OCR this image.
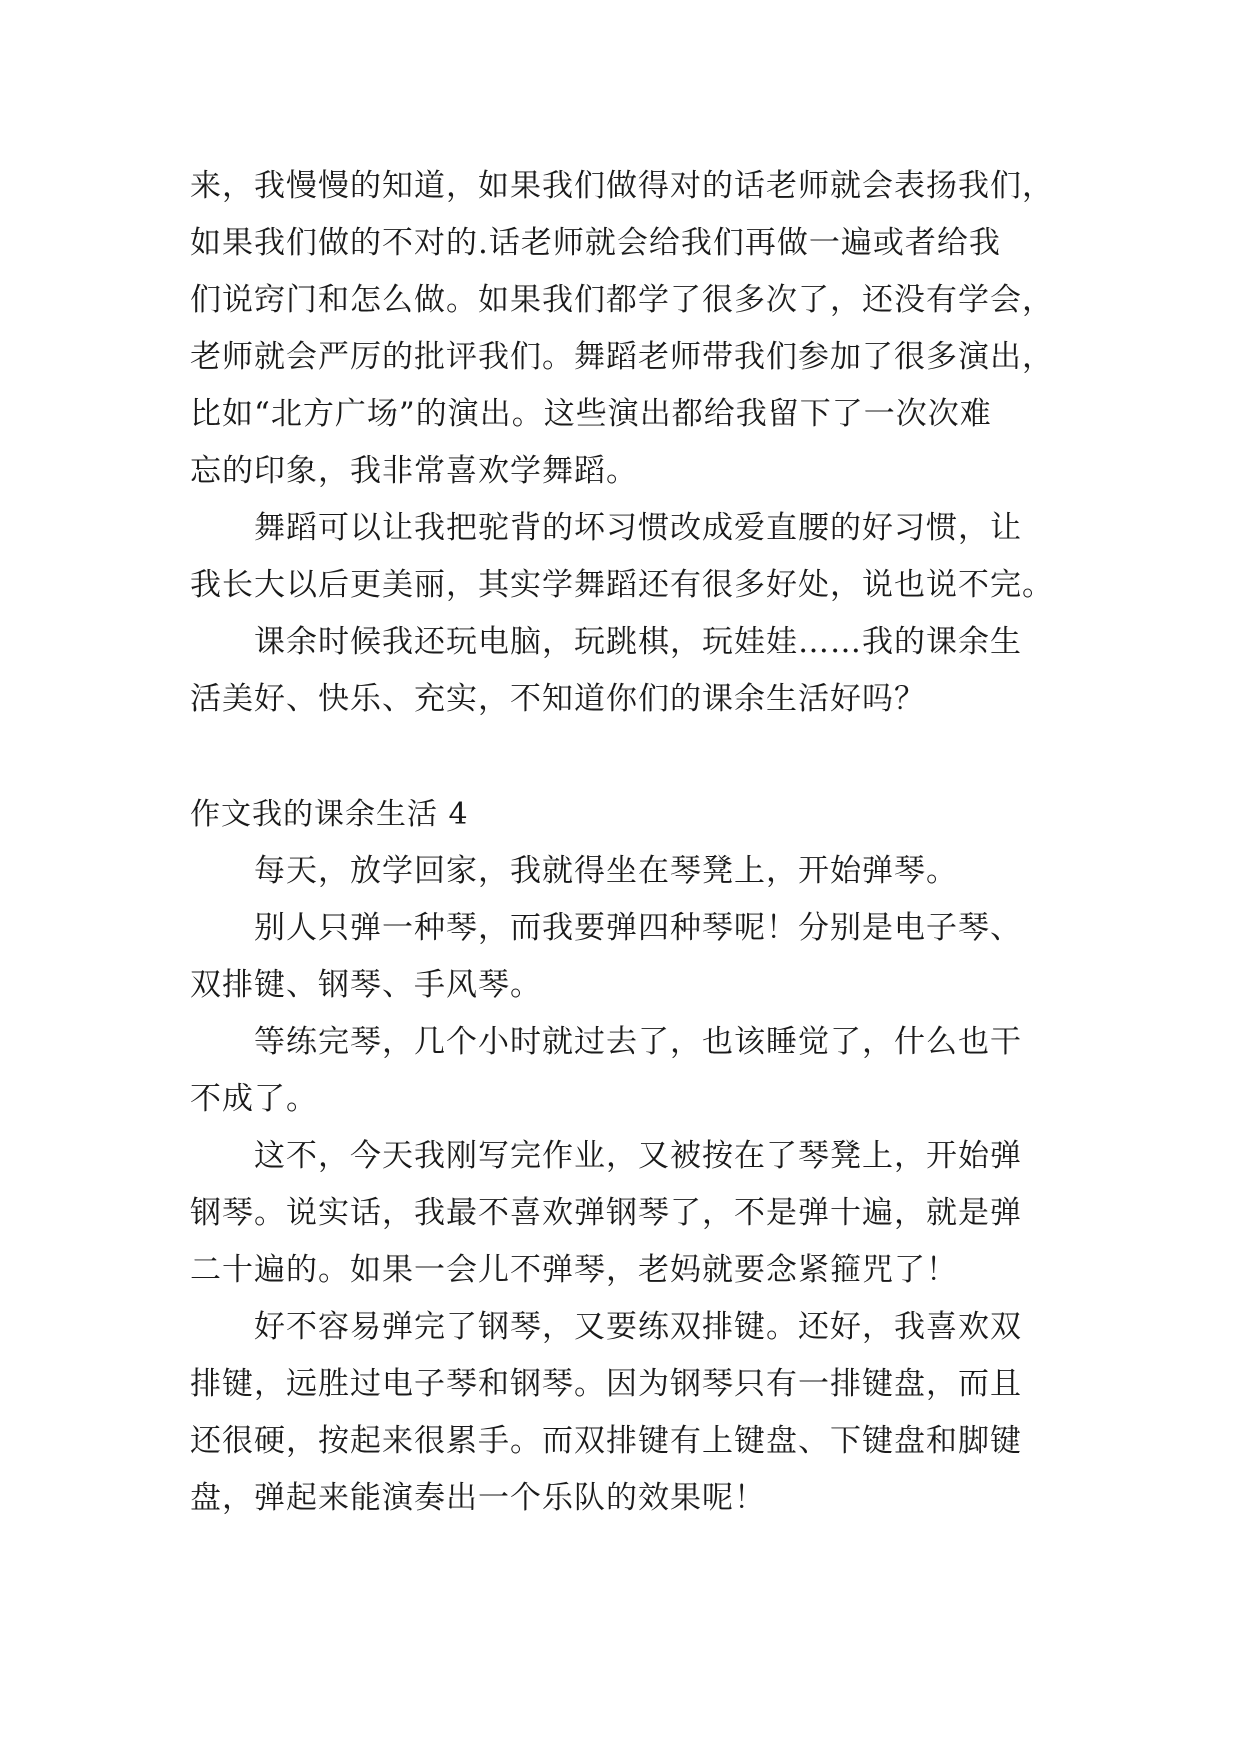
来，我慢慢的知道，如果我们做得对的话老师就会表扬我们，
如果我们做的不对的.话老师就会给我们再做一遍或者给我
们说窍门和怎么做。如果我们都学了很多次了，还没有学会，
老师就会严厉的批评我们。舞蹈老师带我们参加了很多演出，
比如“北方广场”的演出。这些演出都给我留下了一次次难
忘的印象，我非常喜欢学舞蹈。
舞蹈可以让我把驼背的坏习惯改成爱直腰的好习惯，让
我长大以后更美丽，其实学舞蹈还有很多好处，说也说不完。
课余时候我还玩电脑，玩跳棋，玩娃娃……我的课余生
活美好、快乐、充实，不知道你们的课余生活好吗？
作文我的课余生活 4
每天，放学回家，我就得坐在琴凳上，开始弹琴。
别人只弹一种琴，而我要弹四种琴呢！分别是电子琴、
双排键、钢琴、手风琴。
等练完琴，几个小时就过去了，也该睡觉了，什么也干
不成了。
这不，今天我刚写完作业，又被按在了琴凳上，开始弹
钢琴。说实话，我最不喜欢弹钢琴了，不是弹十遍，就是弹
二十遍的。如果一会儿不弹琴，老妈就要念紧箍咒了！
好不容易弹完了钢琴，又要练双排键。还好，我喜欢双
排键，远胜过电子琴和钢琴。因为钢琴只有一排键盘，而且
还很硬，按起来很累手。而双排键有上键盘、下键盘和脚键
盘，弹起来能演奏出一个乐队的效果呢！
